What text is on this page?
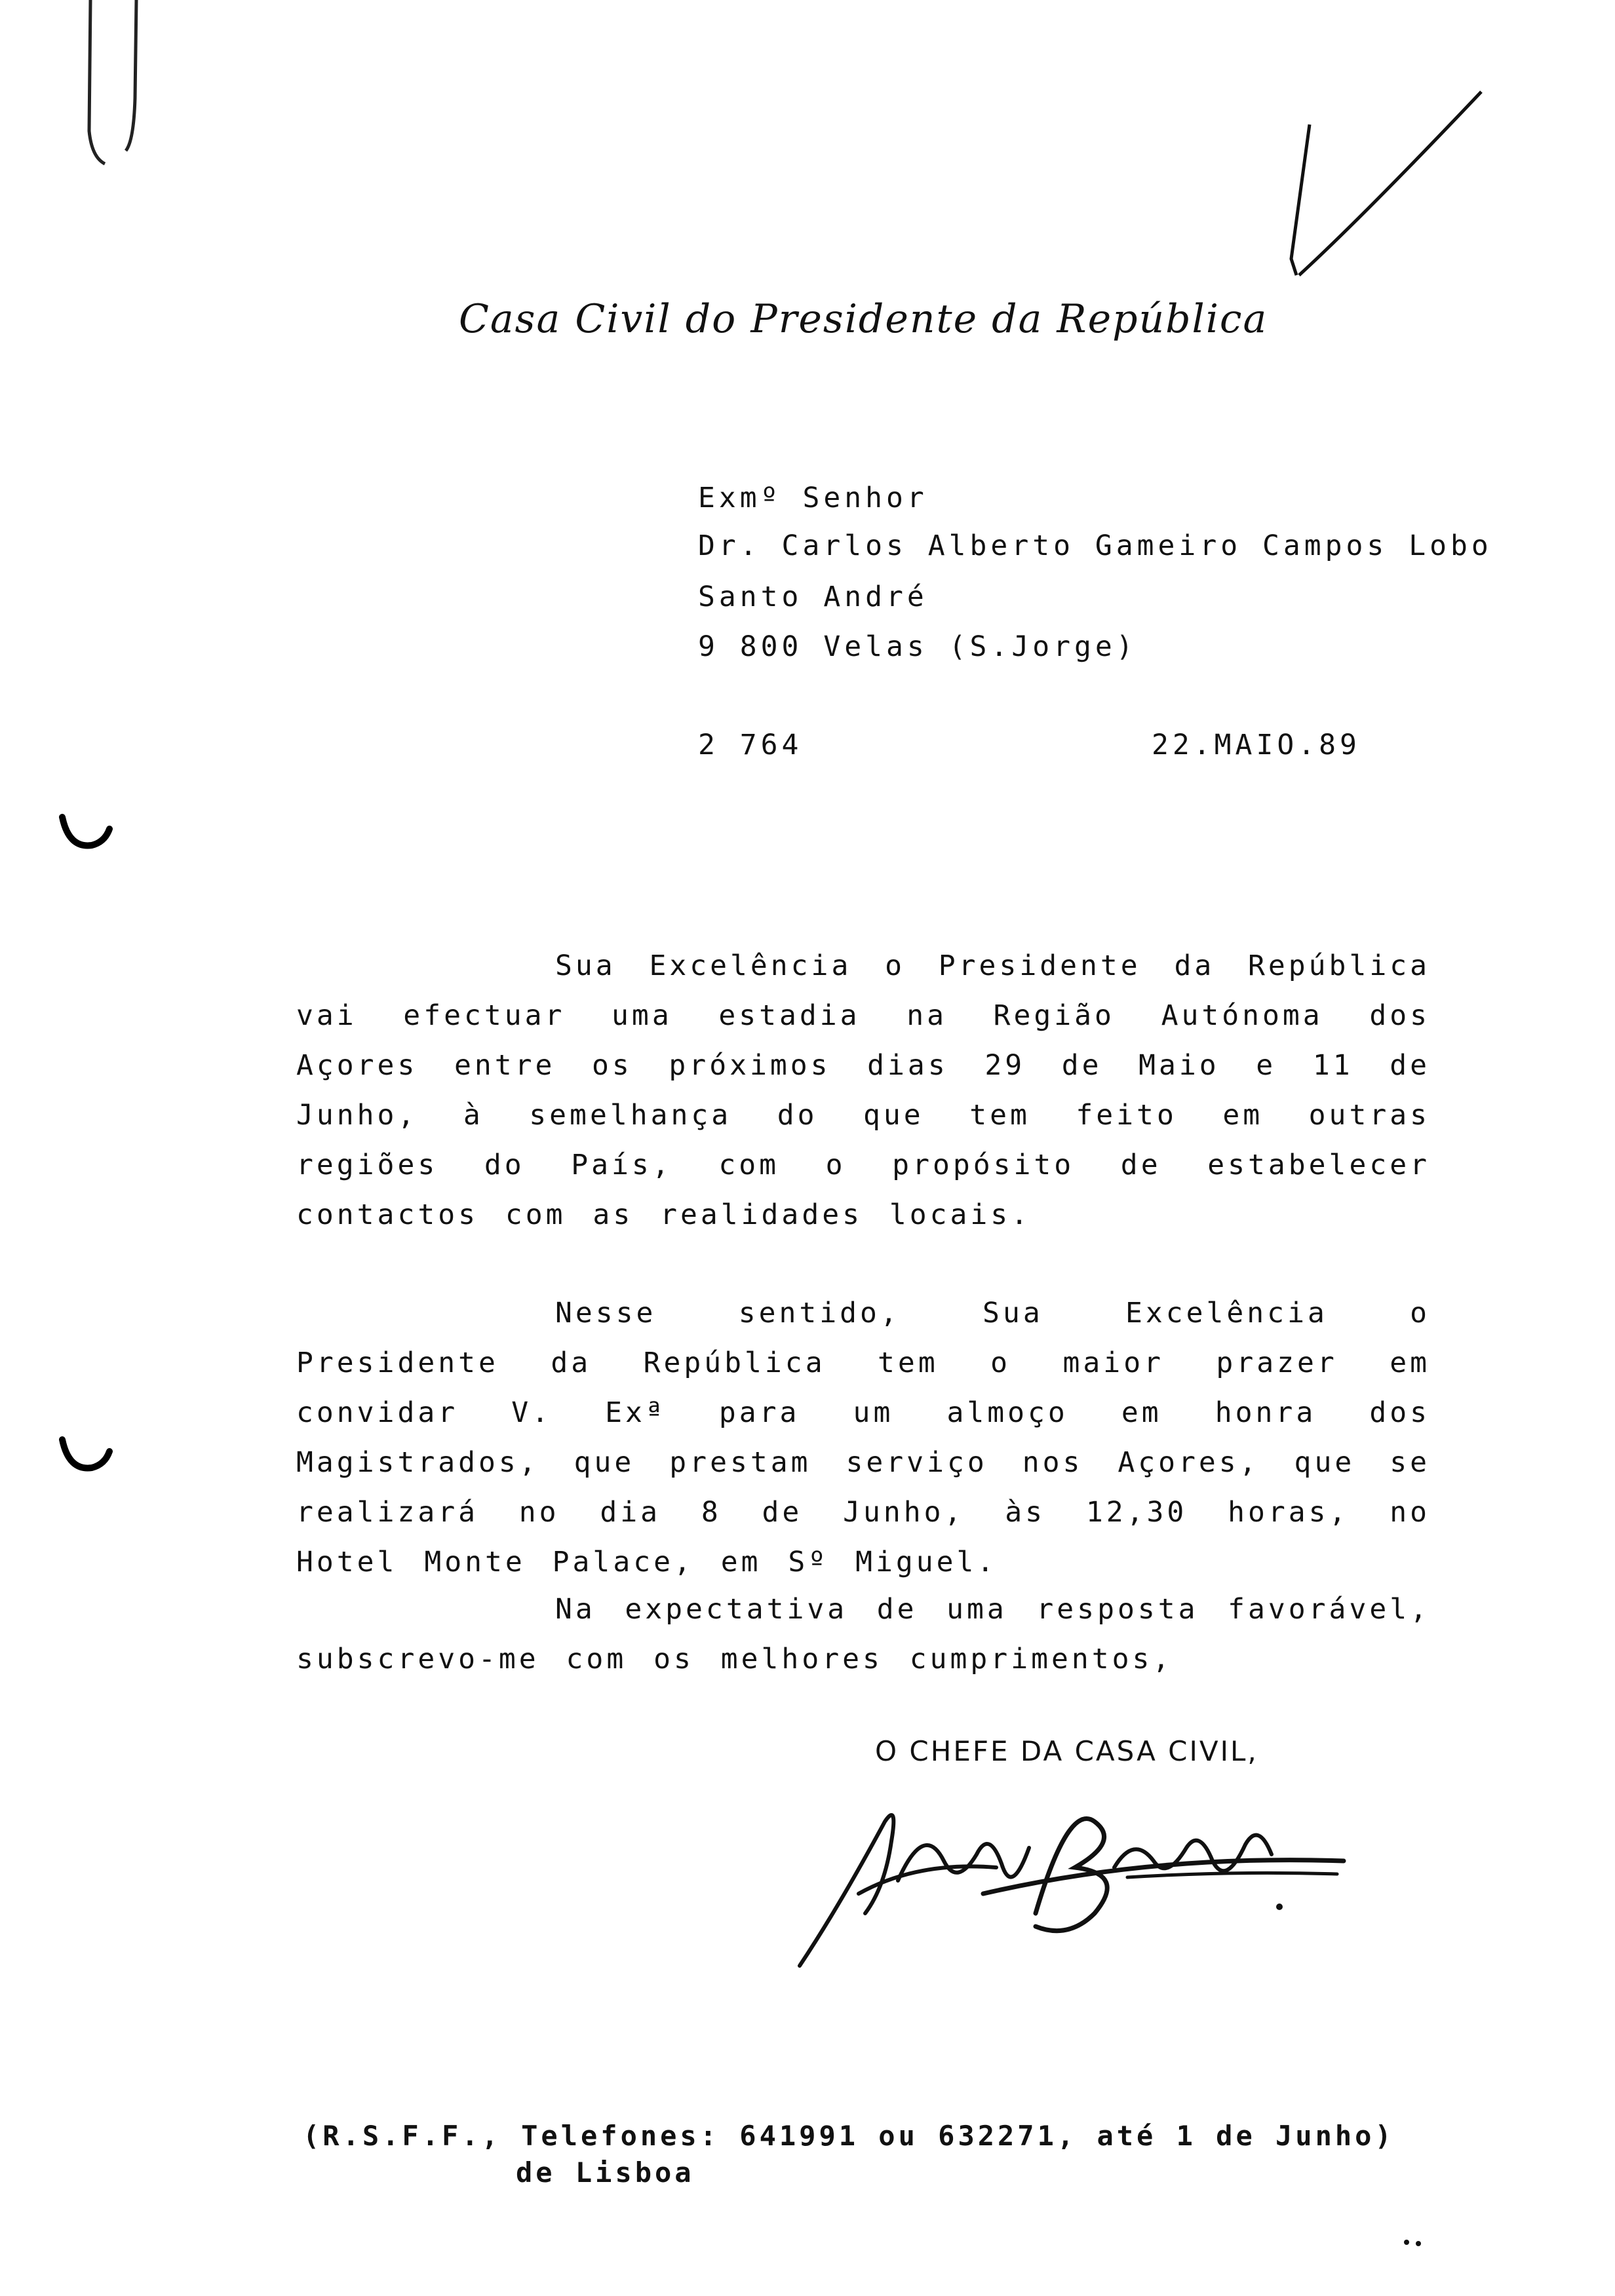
Casa Civil do Presidente da República
Exmº Senhor
Dr. Carlos Alberto Gameiro Campos Lobo
Santo André
9 800 Velas (S.Jorge)
2 764	22.MAIO.89

Sua Excelência o Presidente da República vai efectuar uma estadia na Região Autónoma dos Açores entre os próximos dias 29 de Maio e 11 de Junho, à semelhança do que tem feito em outras regiões do País, com o propósito de estabelecer contactos com as realidades locais.

Nesse sentido, Sua Excelência o Presidente da República tem o maior prazer em convidar V. Exª para um almoço em honra dos Magistrados, que prestam serviço nos Açores, que se realizará no dia 8 de Junho, às 12,30 horas, no Hotel Monte Palace, em Sº Miguel.

Na expectativa de uma resposta favorável, subscrevo-me com os melhores cumprimentos,

O CHEFE DA CASA CIVIL,
(R.S.F.F., Telefones: 641991 ou 632271, até 1 de Junho)
de Lisboa
